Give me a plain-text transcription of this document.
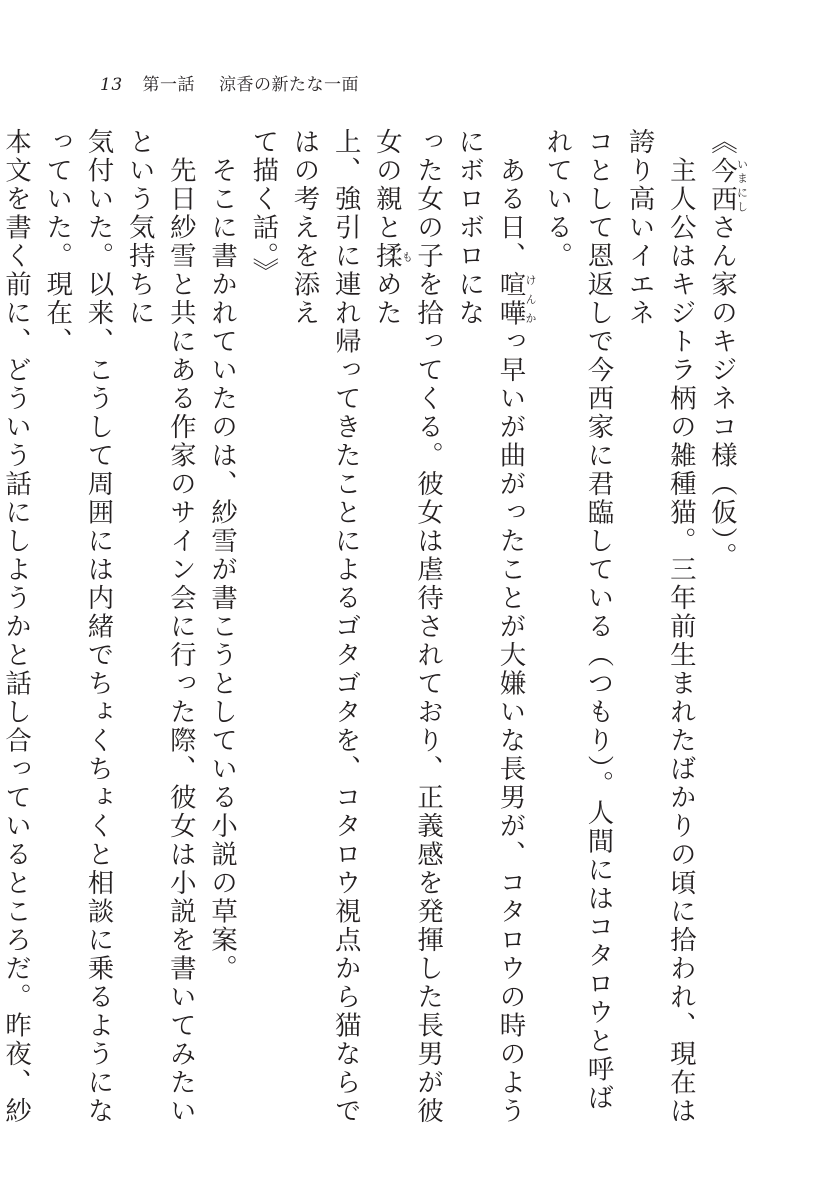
13 第一話 涼香の新たな一面

《今西いまにしさん家のキジネコ様（仮）。

　主人公はキジトラ柄の雑種猫。三年前生まれたばかりの頃に拾われ、現在は誇り高いイエネ

コとして恩返しで今西家に君臨している（つもり）。人間にはコタロウと呼ばれている。

　ある日、喧嘩けんかっ早いが曲がったことが大嫌いな長男が、コタロウの時のようにボロボロにな

った女の子を拾ってくる。彼女は虐待されており、正義感を発揮した長男が彼女の親と揉もめた

上、強引に連れ帰ってきたことによるゴタゴタを、コタロウ視点から猫ならではの考えを添え

て描く話。》

　そこに書かれていたのは、紗雪が書こうとしている小説の草案。

　先日紗雪と共にある作家のサイン会に行った際、彼女は小説を書いてみたいという気持ちに

気付いた。以来、こうして周囲には内緒でちょくちょくと相談に乗るようになっていた。現在、

本文を書く前に、どういう話にしようかと話し合っているところだ。昨夜、紗
